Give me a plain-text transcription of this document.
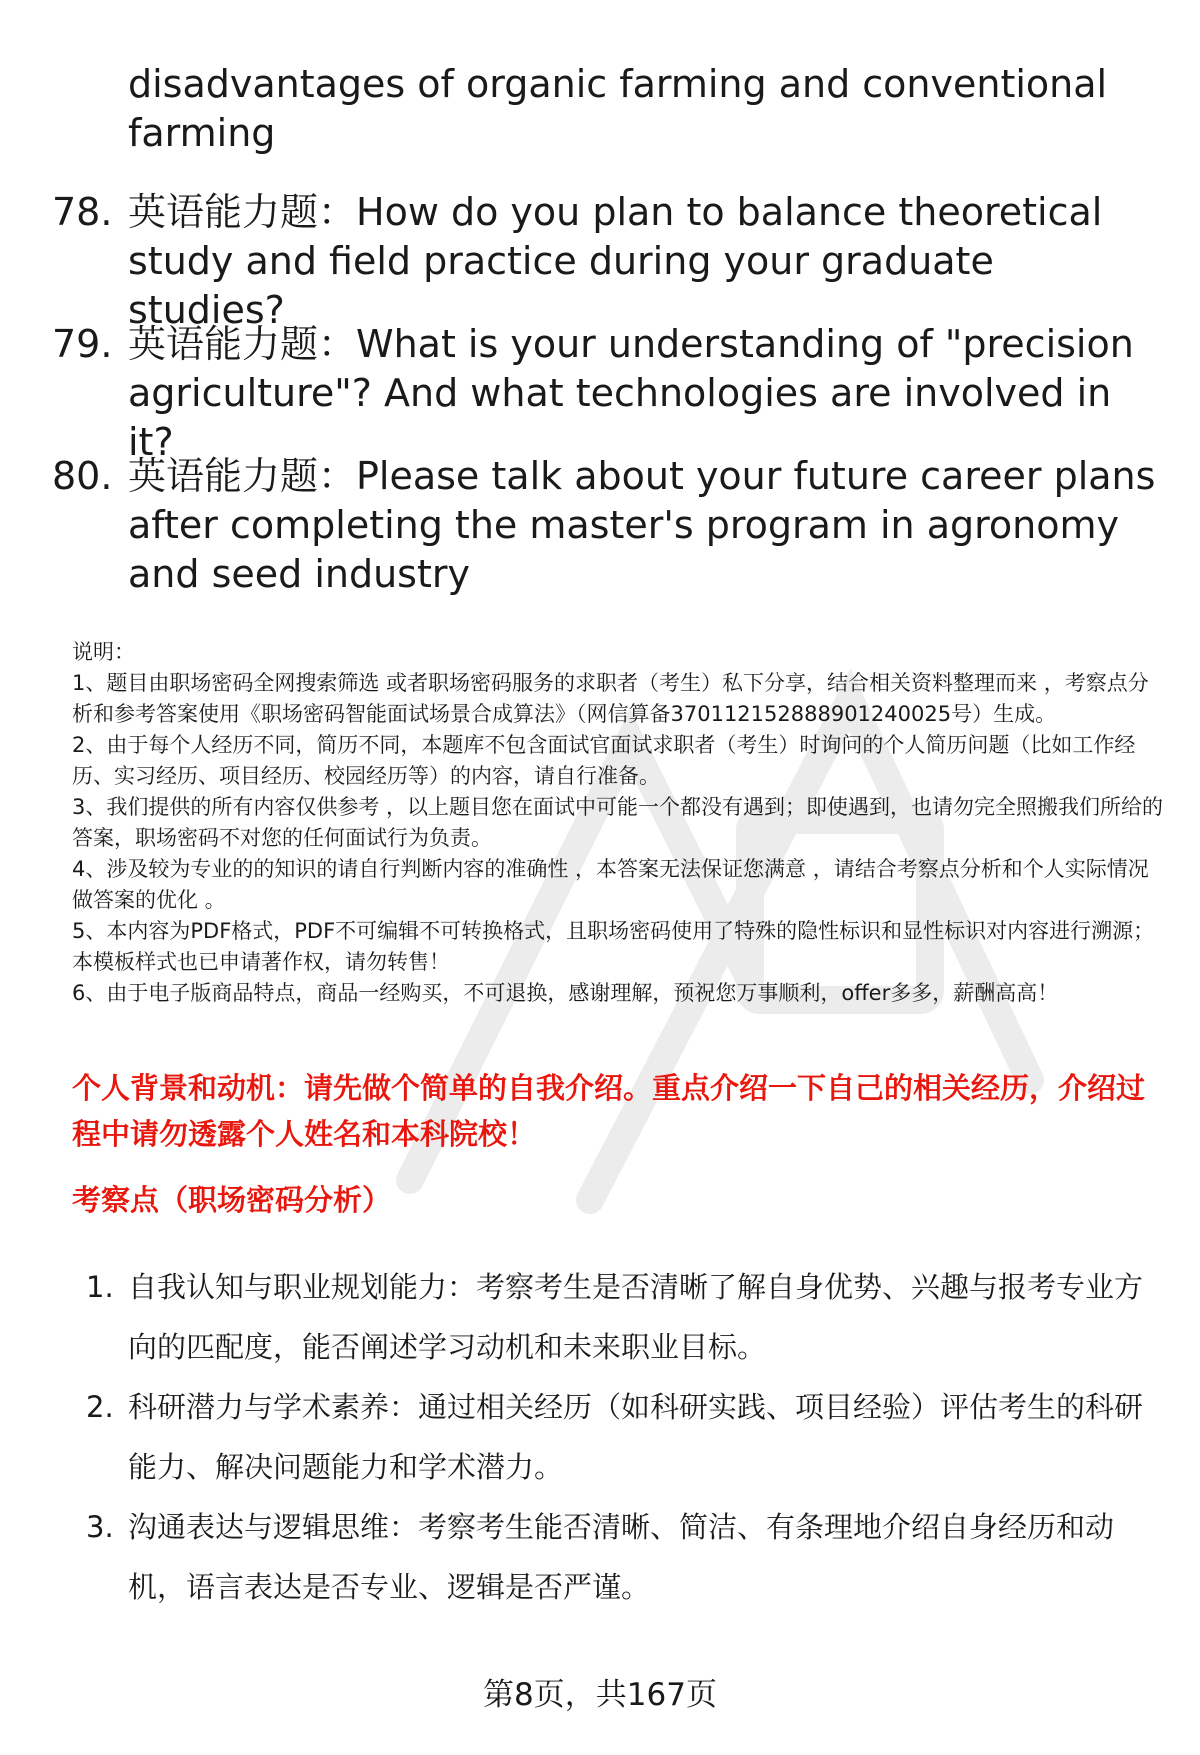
disadvantages of organic farming and conventional farming

78. 英语能力题：How do you plan to balance theoretical study and field practice during your graduate studies?

79. 英语能力题：What is your understanding of "precision agriculture"? And what technologies are involved in it?

80. 英语能力题：Please talk about your future career plans after completing the master's program in agronomy and seed industry

说明：

1、题目由职场密码全网搜索筛选 或者职场密码服务的求职者（考生）私下分享，结合相关资料整理而来 ，考察点分析和参考答案使用《职场密码智能面试场景合成算法》（网信算备370112152888901240025号）生成。

2、由于每个人经历不同，简历不同，本题库不包含面试官面试求职者（考生）时询问的个人简历问题（比如工作经历、实习经历、项目经历、校园经历等）的内容，请自行准备。

3、我们提供的所有内容仅供参考 ，以上题目您在面试中可能一个都没有遇到；即使遇到，也请勿完全照搬我们所给的答案，职场密码不对您的任何面试行为负责。

4、涉及较为专业的的知识的请自行判断内容的准确性 ，本答案无法保证您满意 ，请结合考察点分析和个人实际情况做答案的优化 。

5、本内容为PDF格式，PDF不可编辑不可转换格式，且职场密码使用了特殊的隐性标识和显性标识对内容进行溯源；本模板样式也已申请著作权，请勿转售！

6、由于电子版商品特点，商品一经购买，不可退换，感谢理解，预祝您万事顺利，offer多多，薪酬高高！

个人背景和动机：请先做个简单的自我介绍。重点介绍一下自己的相关经历，介绍过程中请勿透露个人姓名和本科院校！

考察点（职场密码分析）

1. 自我认知与职业规划能力：考察考生是否清晰了解自身优势、兴趣与报考专业方向的匹配度，能否阐述学习动机和未来职业目标。

2. 科研潜力与学术素养：通过相关经历（如科研实践、项目经验）评估考生的科研能力、解决问题能力和学术潜力。

3. 沟通表达与逻辑思维：考察考生能否清晰、简洁、有条理地介绍自身经历和动机，语言表达是否专业、逻辑是否严谨。

第8页，共167页
